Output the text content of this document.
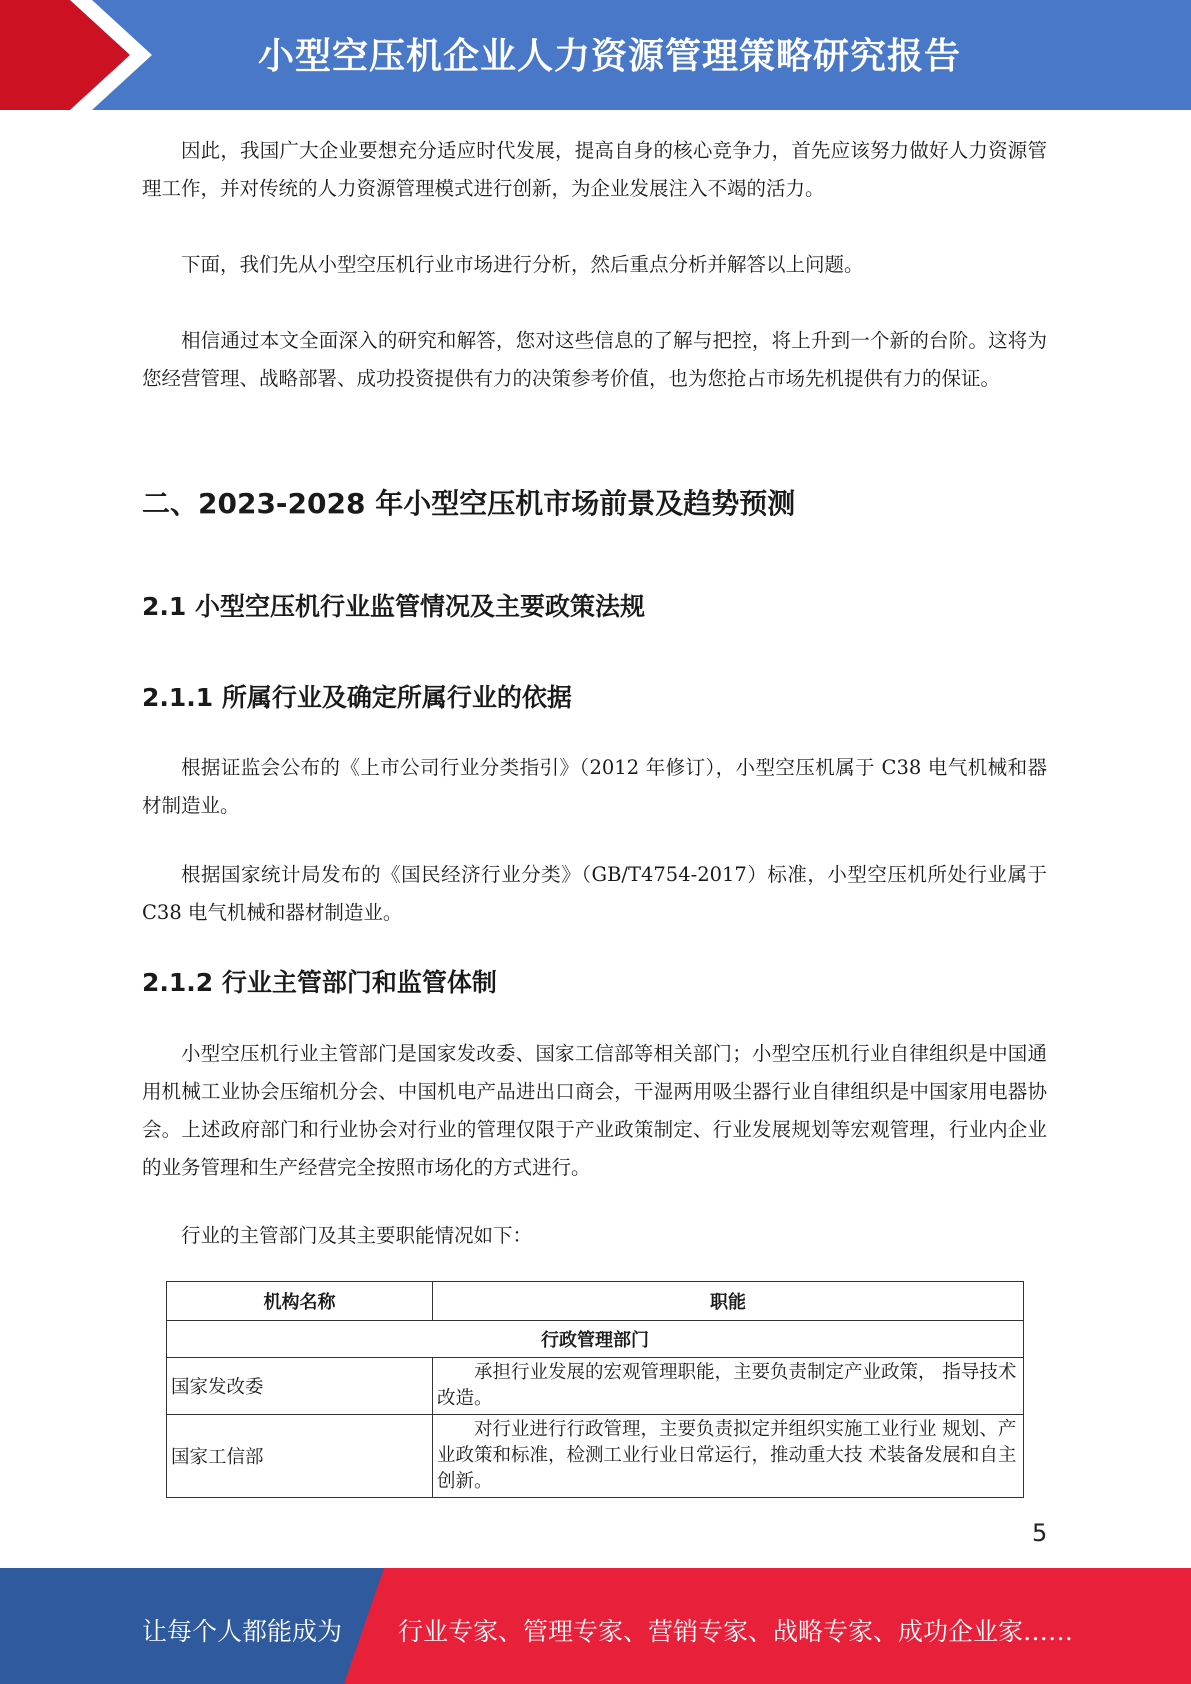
小型空压机企业人力资源管理策略研究报告

因此，我国广大企业要想充分适应时代发展，提高自身的核心竞争力，首先应该努力做好人力资源管理工作，并对传统的人力资源管理模式进行创新，为企业发展注入不竭的活力。

下面，我们先从小型空压机行业市场进行分析，然后重点分析并解答以上问题。

相信通过本文全面深入的研究和解答，您对这些信息的了解与把控，将上升到一个新的台阶。这将为您经营管理、战略部署、成功投资提供有力的决策参考价值，也为您抢占市场先机提供有力的保证。

二、2023-2028 年小型空压机市场前景及趋势预测
2.1 小型空压机行业监管情况及主要政策法规
2.1.1 所属行业及确定所属行业的依据

根据证监会公布的《上市公司行业分类指引》（2012 年修订），小型空压机属于 C38 电气机械和器材制造业。

根据国家统计局发布的《国民经济行业分类》（GB/T4754-2017）标准，小型空压机所处行业属于 C38 电气机械和器材制造业。

2.1.2 行业主管部门和监管体制

小型空压机行业主管部门是国家发改委、国家工信部等相关部门；小型空压机行业自律组织是中国通用机械工业协会压缩机分会、中国机电产品进出口商会，干湿两用吸尘器行业自律组织是中国家用电器协会。上述政府部门和行业协会对行业的管理仅限于产业政策制定、行业发展规划等宏观管理，行业内企业的业务管理和生产经营完全按照市场化的方式进行。

行业的主管部门及其主要职能情况如下：

机构名称	职能
行政管理部门	
国家发改委	承担行业发展的宏观管理职能，主要负责制定产业政策， 指导技术改造。
国家工信部	对行业进行行政管理，主要负责拟定并组织实施工业行业 规划、产业政策和标准，检测工业行业日常运行，推动重大技 术装备发展和自主创新。
5
让每个人都能成为 行业专家、管理专家、营销专家、战略专家、成功企业家……
